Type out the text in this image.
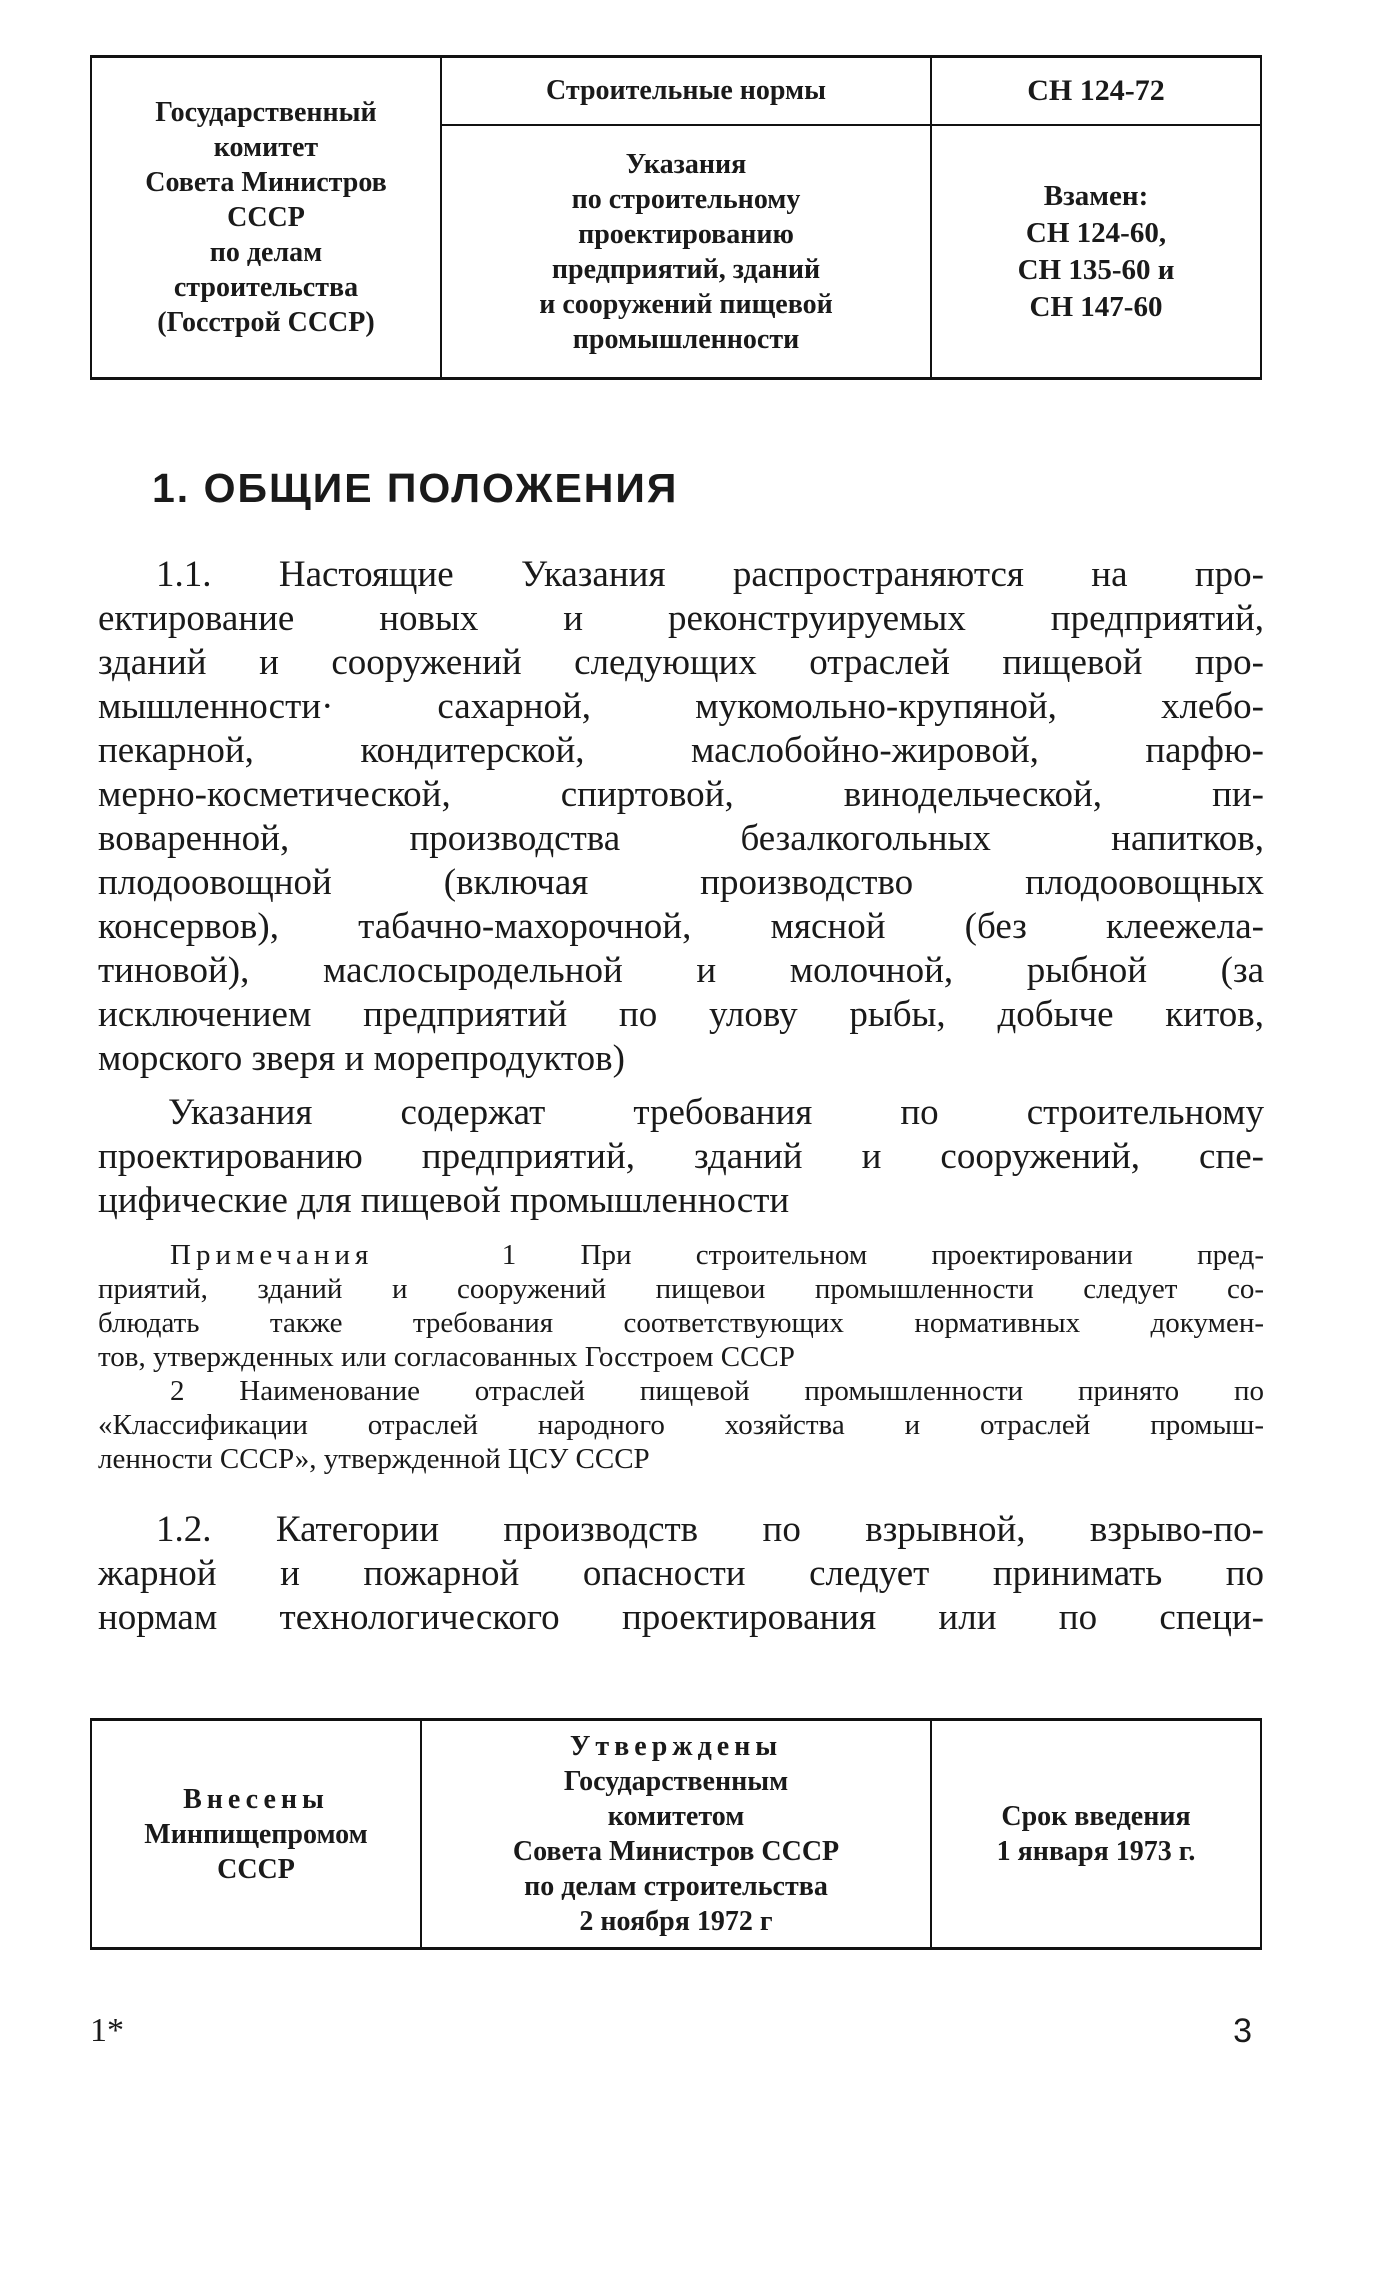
Государственный
комитет
Совета Министров
СССР
по делам
строительства
(Госстрой СССР)
Строительные нормы
Указания
по строительному
проектированию
предприятий, зданий
и сооружений пищевой
промышленности
СН 124-72
Взамен:
СН 124-60,
СН 135-60 и
СН 147-60
1. ОБЩИЕ ПОЛОЖЕНИЯ
1.1. Настоящие Указания распространяются на про-
ектирование новых и реконструируемых предприятий,
зданий и сооружений следующих отраслей пищевой про-
мышленности· сахарной, мукомольно-крупяной, хлебо-
пекарной, кондитерской, маслобойно-жировой, парфю-
мерно-косметической, спиртовой, винодельческой, пи-
воваренной, производства безалкогольных напитков,
плодоовощной (включая производство плодоовощных
консервов), табачно-махорочной, мясной (без клеежела-
тиновой), маслосыродельной и молочной, рыбной (за
исключением предприятий по улову рыбы, добыче китов,
морского зверя и морепродуктов)
Указания содержат требования по строительному
проектированию предприятий, зданий и сооружений, спе-
цифические для пищевой промышленности
Примечания	1 При строительном проектировании пред-
приятий, зданий и сооружений пищевои промышленности следует со-
блюдать также требования соответствующих нормативных докумен-
тов, утвержденных или согласованных Госстроем СССР
2 Наименование отраслей пищевой промышленности принято по
«Классификации отраслей народного хозяйства и отраслей промыш-
ленности СССР», утвержденной ЦСУ СССР
1.2. Категории производств по взрывной, взрыво-по-
жарной и пожарной опасности следует принимать по
нормам технологического проектирования или по специ-
Внесены
Минпищепромом
СССР
Утверждены
Государственным
комитетом
Совета Министров СССР
по делам строительства
2 ноября 1972 г
Срок введения
1 января 1973 г.
1*	3
